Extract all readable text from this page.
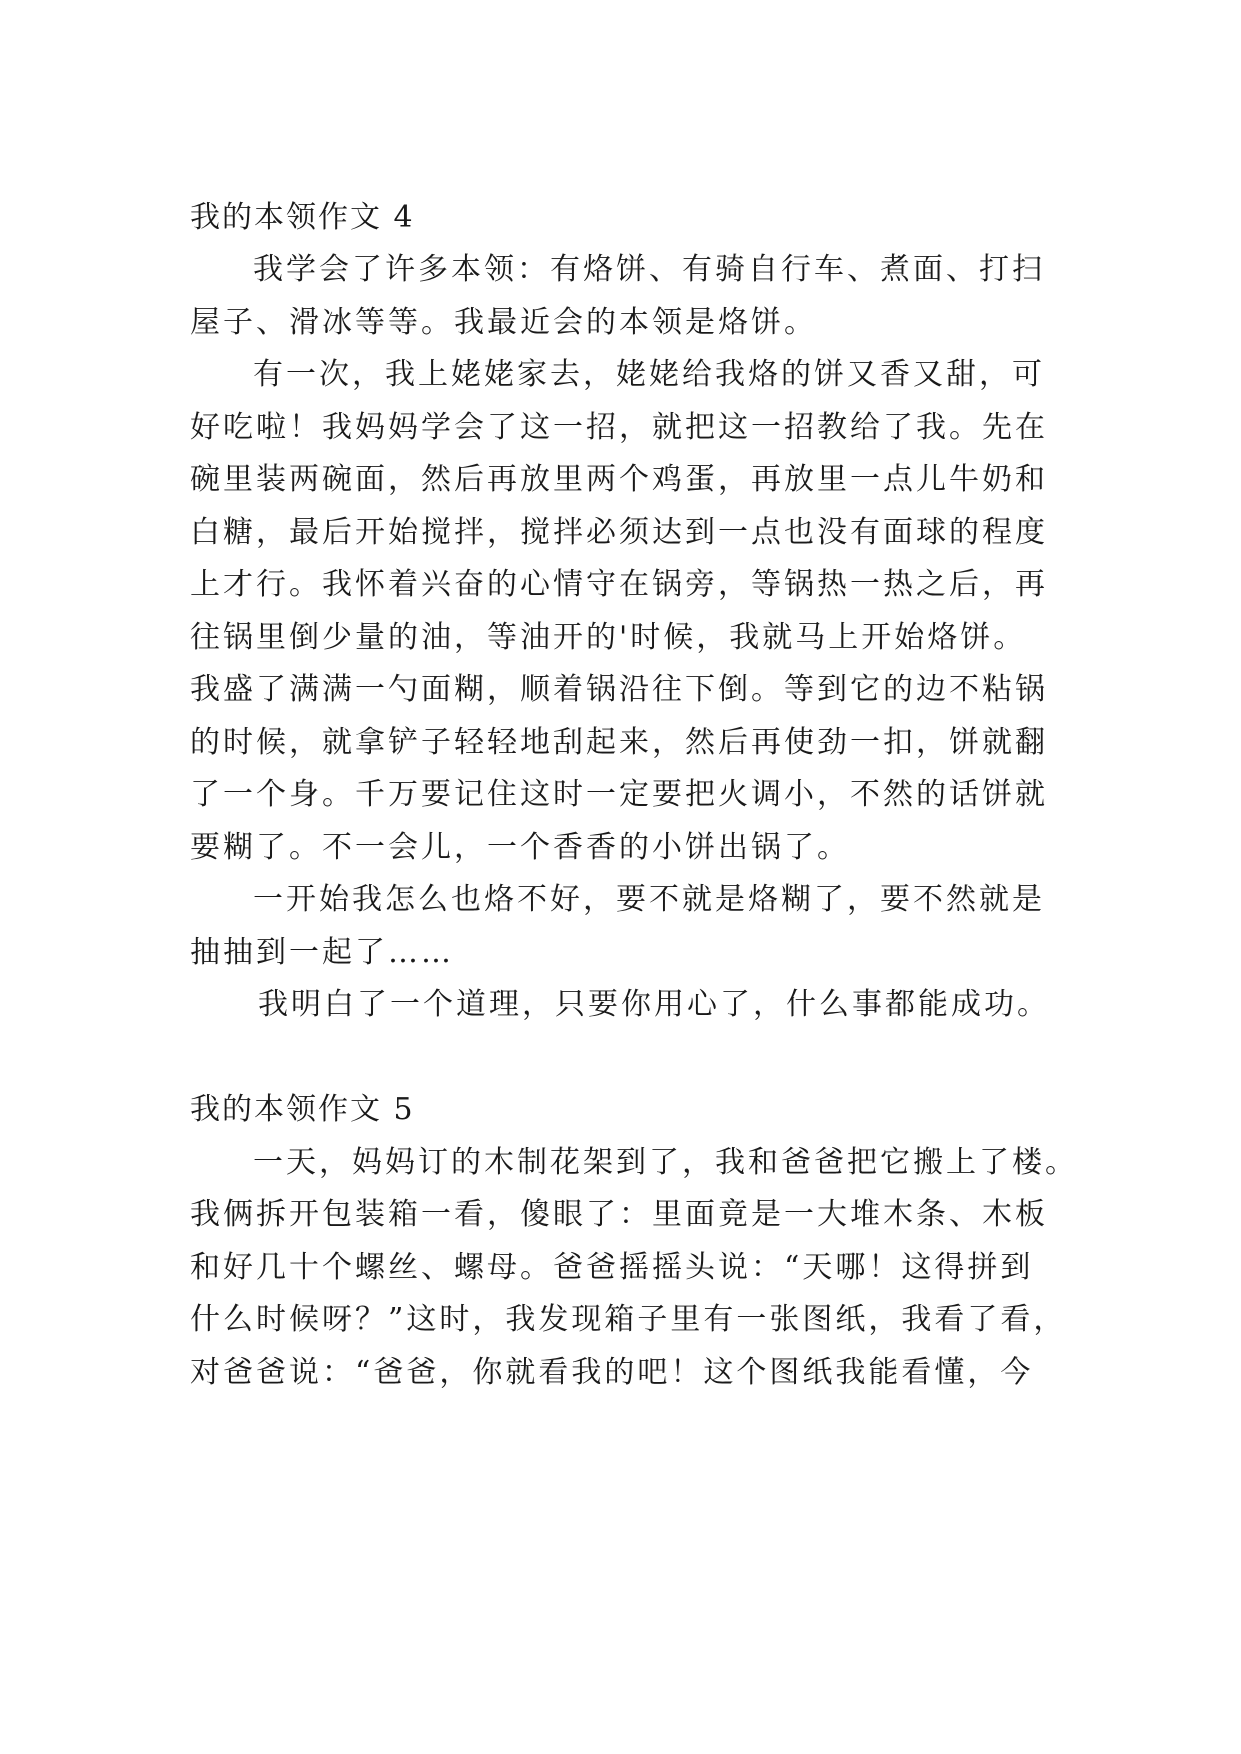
我的本领作文 4

我学会了许多本领：有烙饼、有骑自行车、煮面、打扫

屋子、滑冰等等。我最近会的本领是烙饼。

有一次，我上姥姥家去，姥姥给我烙的饼又香又甜，可

好吃啦！我妈妈学会了这一招，就把这一招教给了我。先在

碗里装两碗面，然后再放里两个鸡蛋，再放里一点儿牛奶和

白糖，最后开始搅拌，搅拌必须达到一点也没有面球的程度

上才行。我怀着兴奋的心情守在锅旁，等锅热一热之后，再

往锅里倒少量的油，等油开的'时候，我就马上开始烙饼。

我盛了满满一勺面糊，顺着锅沿往下倒。等到它的边不粘锅

的时候，就拿铲子轻轻地刮起来，然后再使劲一扣，饼就翻

了一个身。千万要记住这时一定要把火调小，不然的话饼就

要糊了。不一会儿，一个香香的小饼出锅了。

一开始我怎么也烙不好，要不就是烙糊了，要不然就是

抽抽到一起了……

我明白了一个道理，只要你用心了，什么事都能成功。

我的本领作文 5

一天，妈妈订的木制花架到了，我和爸爸把它搬上了楼。

我俩拆开包装箱一看，傻眼了：里面竟是一大堆木条、木板

和好几十个螺丝、螺母。爸爸摇摇头说：“天哪！这得拼到

什么时候呀？”这时，我发现箱子里有一张图纸，我看了看，

对爸爸说：“爸爸，你就看我的吧！这个图纸我能看懂，今
